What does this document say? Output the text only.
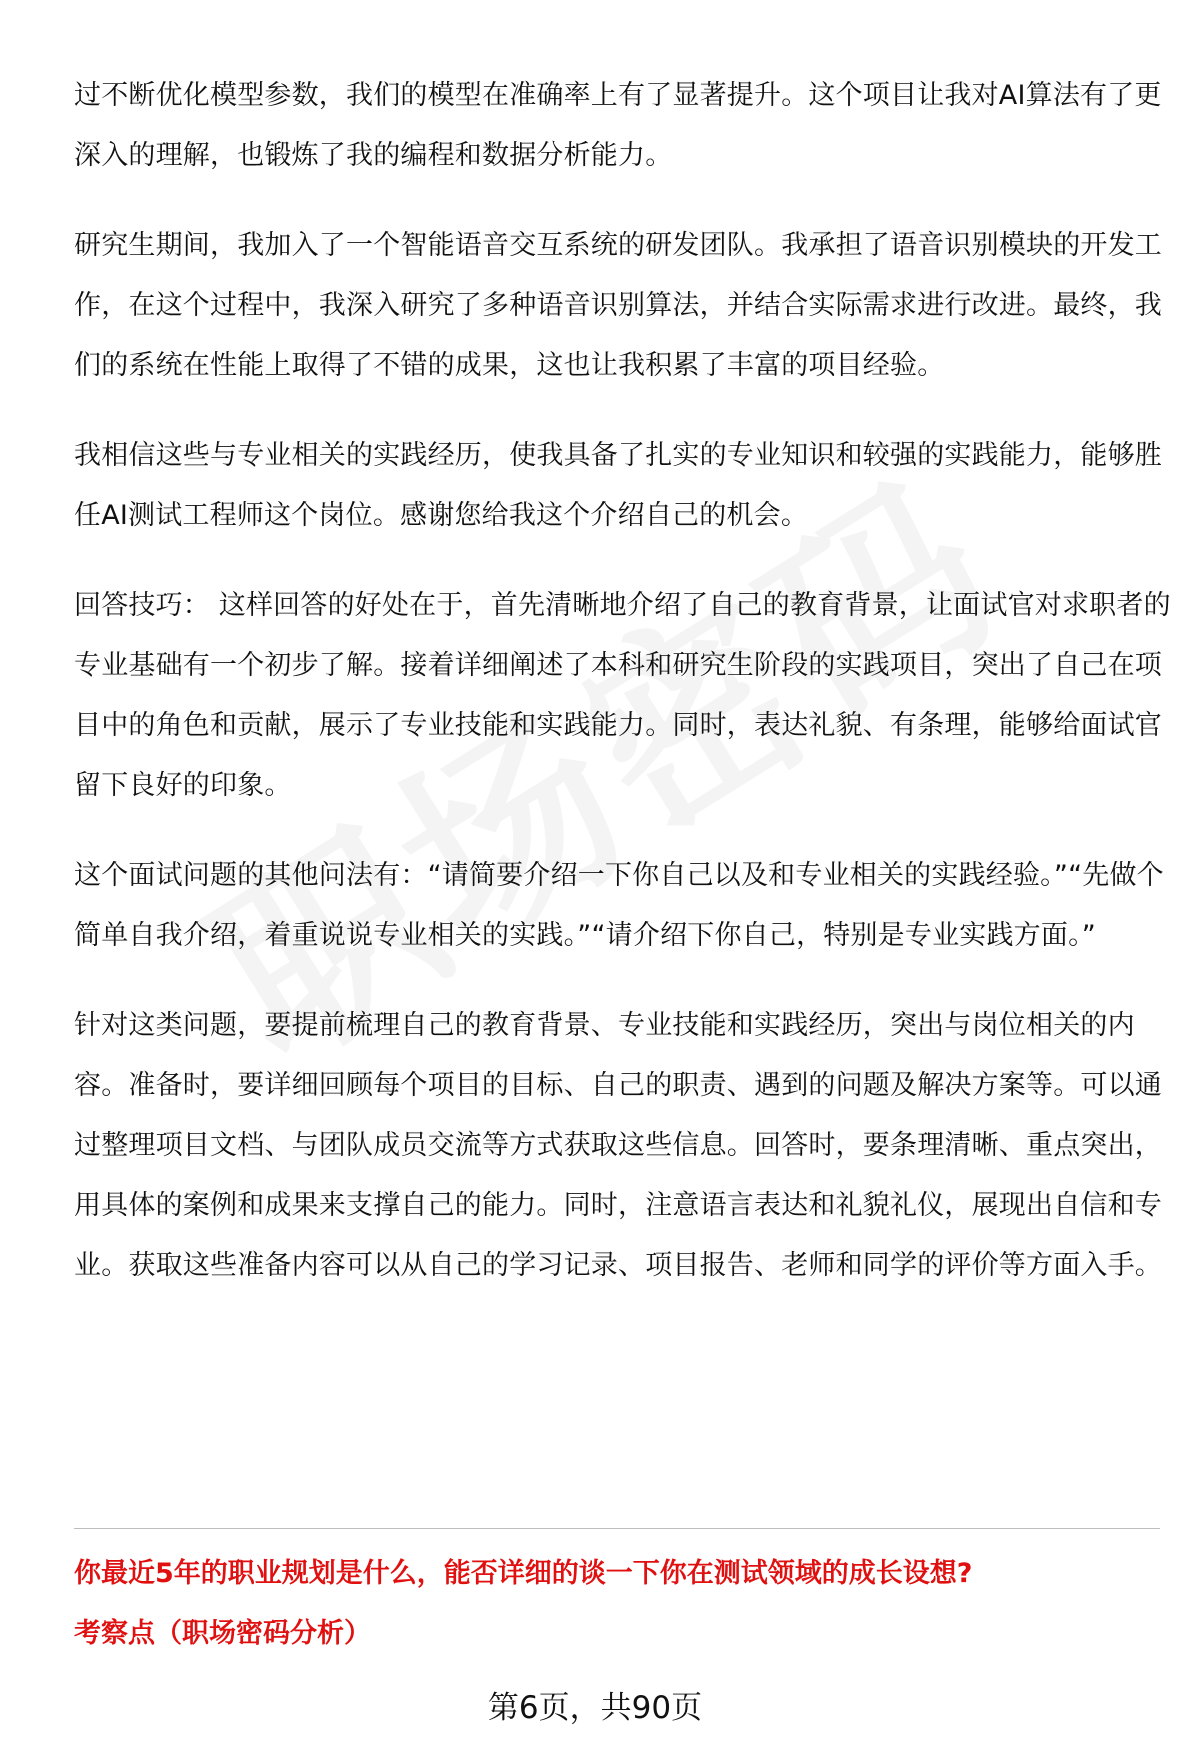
过不断优化模型参数，我们的模型在准确率上有了显著提升。这个项目让我对AI算法有了更深入的理解，也锻炼了我的编程和数据分析能力。

研究生期间，我加入了一个智能语音交互系统的研发团队。我承担了语音识别模块的开发工作，在这个过程中，我深入研究了多种语音识别算法，并结合实际需求进行改进。最终，我们的系统在性能上取得了不错的成果，这也让我积累了丰富的项目经验。

我相信这些与专业相关的实践经历，使我具备了扎实的专业知识和较强的实践能力，能够胜任AI测试工程师这个岗位。感谢您给我这个介绍自己的机会。

回答技巧： 这样回答的好处在于，首先清晰地介绍了自己的教育背景，让面试官对求职者的专业基础有一个初步了解。接着详细阐述了本科和研究生阶段的实践项目，突出了自己在项目中的角色和贡献，展示了专业技能和实践能力。同时，表达礼貌、有条理，能够给面试官留下良好的印象。

这个面试问题的其他问法有：“请简要介绍一下你自己以及和专业相关的实践经验。”“先做个简单自我介绍，着重说说专业相关的实践。”“请介绍下你自己，特别是专业实践方面。”

针对这类问题，要提前梳理自己的教育背景、专业技能和实践经历，突出与岗位相关的内容。准备时，要详细回顾每个项目的目标、自己的职责、遇到的问题及解决方案等。可以通过整理项目文档、与团队成员交流等方式获取这些信息。回答时，要条理清晰、重点突出，用具体的案例和成果来支撑自己的能力。同时，注意语言表达和礼貌礼仪，展现出自信和专业。获取这些准备内容可以从自己的学习记录、项目报告、老师和同学的评价等方面入手。

你最近5年的职业规划是什么，能否详细的谈一下你在测试领域的成长设想?
考察点（职场密码分析）
第6页，共90页
